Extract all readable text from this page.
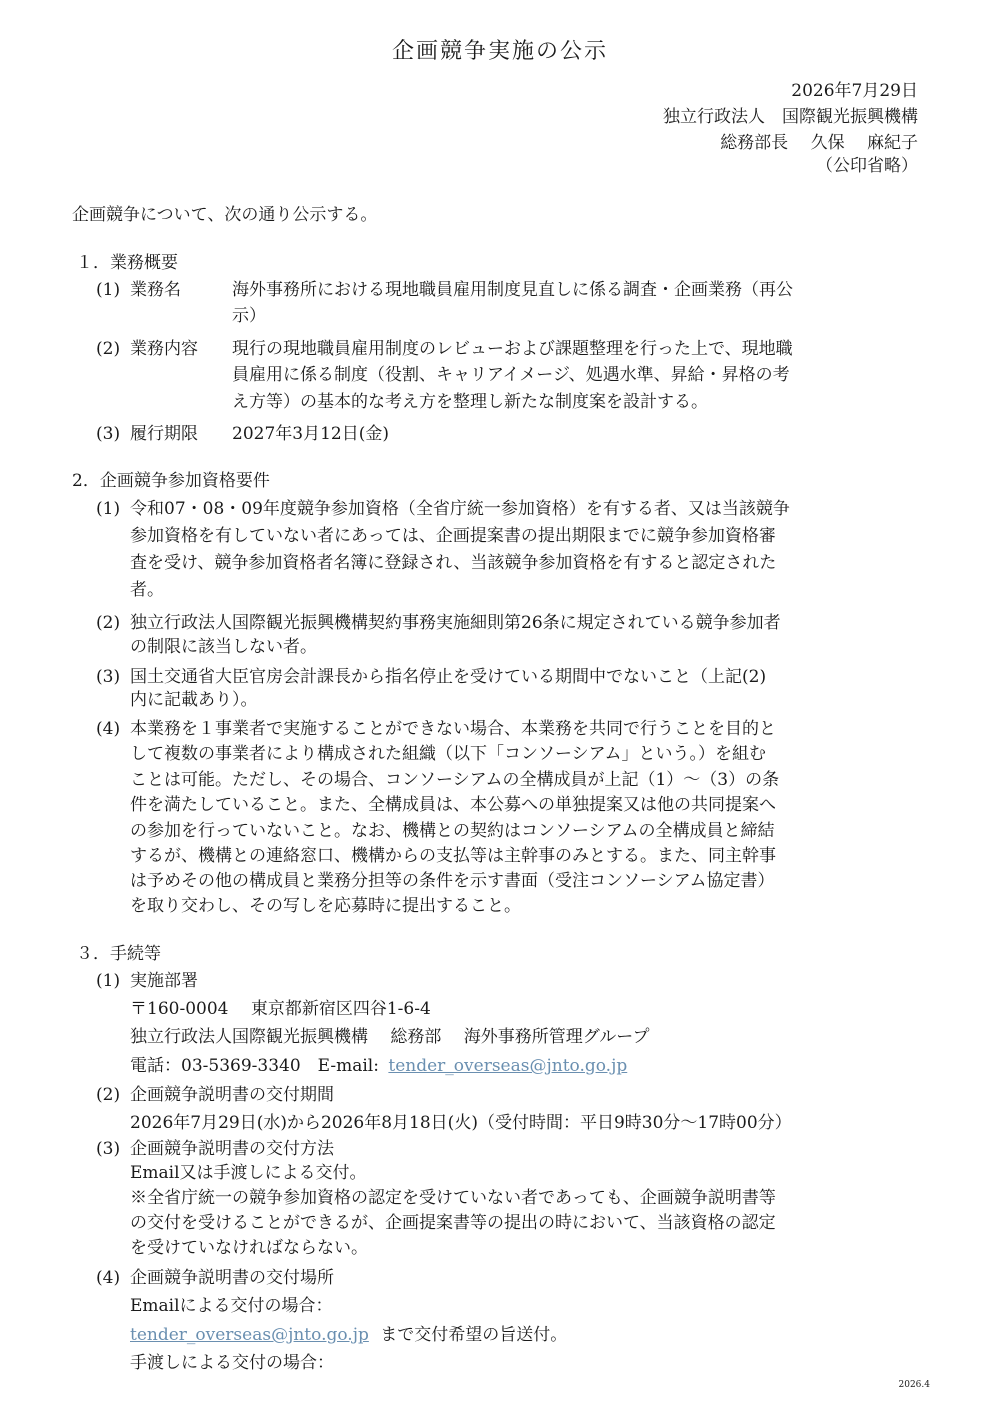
企画競争実施の公示
2026年7月29日
独立行政法人　国際観光振興機構
総務部長　 久保　 麻紀子
（公印省略）
企画競争について、次の通り公示する。
１．業務概要
(1) 業務名	海外事務所における現地職員雇用制度見直しに係る調査・企画業務（再公
示）
(2) 業務内容 現行の現地職員雇用制度のレビューおよび課題整理を行った上で、現地職
員雇用に係る制度（役割、キャリアイメージ、処遇水準、昇給・昇格の考
え方等）の基本的な考え方を整理し新たな制度案を設計する。
(3) 履行期限 2027年3月12日(金)
2．企画競争参加資格要件
(1) 令和07・08・09年度競争参加資格（全省庁統一参加資格）を有する者、又は当該競争
参加資格を有していない者にあっては、企画提案書の提出期限までに競争参加資格審
査を受け、競争参加資格者名簿に登録され、当該競争参加資格を有すると認定された
者。
(2) 独立行政法人国際観光振興機構契約事務実施細則第26条に規定されている競争参加者
の制限に該当しない者。
(3) 国土交通省大臣官房会計課長から指名停止を受けている期間中でないこと（上記(2)
内に記載あり）。
(4) 本業務を１事業者で実施することができない場合、本業務を共同で行うことを目的と
して複数の事業者により構成された組織（以下「コンソーシアム」という。）を組む
ことは可能。ただし、その場合、コンソーシアムの全構成員が上記（1）～（3）の条
件を満たしていること。また、全構成員は、本公募への単独提案又は他の共同提案へ
の参加を行っていないこと。なお、機構との契約はコンソーシアムの全構成員と締結
するが、機構との連絡窓口、機構からの支払等は主幹事のみとする。また、同主幹事
は予めその他の構成員と業務分担等の条件を示す書面（受注コンソーシアム協定書）
を取り交わし、その写しを応募時に提出すること。
３．手続等
(1) 実施部署
〒160-0004　 東京都新宿区四谷1-6-4
独立行政法人国際観光振興機構　 総務部　 海外事務所管理グループ
電話：03-5369-3340　E-mail: tender_overseas@jnto.go.jp
(2) 企画競争説明書の交付期間
2026年7月29日(水)から2026年8月18日(火)（受付時間：平日9時30分～17時00分）
(3) 企画競争説明書の交付方法
Email又は手渡しによる交付。
※全省庁統一の競争参加資格の認定を受けていない者であっても、企画競争説明書等
の交付を受けることができるが、企画提案書等の提出の時において、当該資格の認定
を受けていなければならない。
(4) 企画競争説明書の交付場所
Emailによる交付の場合：
tender_overseas@jnto.go.jp まで交付希望の旨送付。
手渡しによる交付の場合：
2026.4
